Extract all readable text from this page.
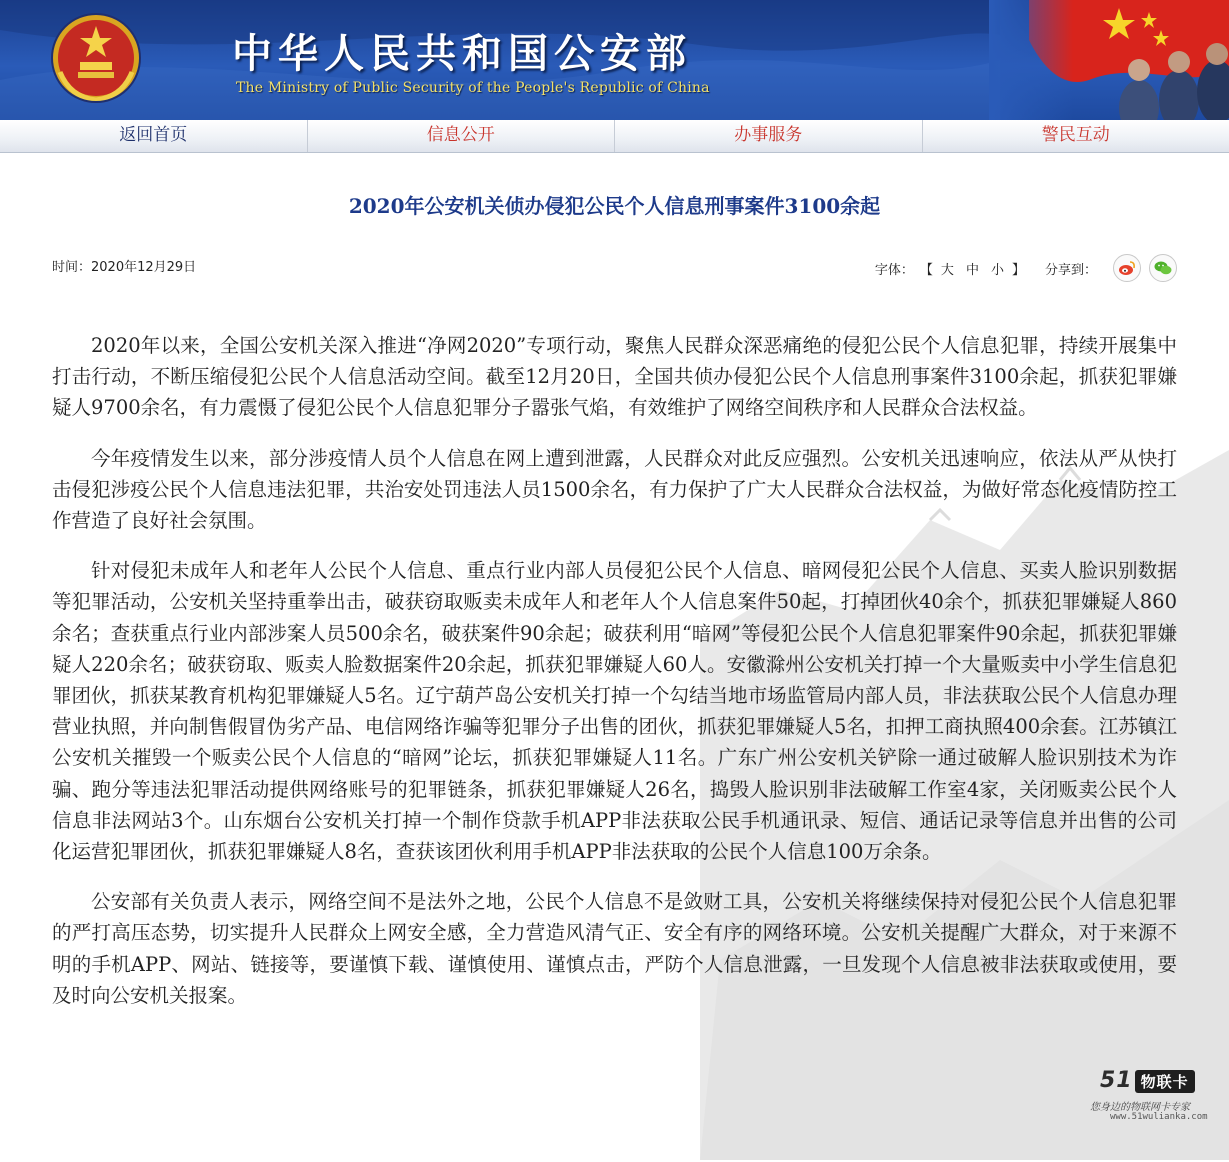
中华人民共和国公安部
The Ministry of Public Security of the People's Republic of China
返回首页	信息公开	办事服务	警民互动
2020年公安机关侦办侵犯公民个人信息刑事案件3100余起
时间：2020年12月29日	字体： 【 大 中 小 】 分享到：

2020年以来，全国公安机关深入推进“净网2020”专项行动，聚焦人民群众深恶痛绝的侵犯公民个人信息犯罪，持续开展集中打击行动，不断压缩侵犯公民个人信息活动空间。截至12月20日，全国共侦办侵犯公民个人信息刑事案件3100余起，抓获犯罪嫌疑人9700余名，有力震慑了侵犯公民个人信息犯罪分子嚣张气焰，有效维护了网络空间秩序和人民群众合法权益。

今年疫情发生以来，部分涉疫情人员个人信息在网上遭到泄露，人民群众对此反应强烈。公安机关迅速响应，依法从严从快打击侵犯涉疫公民个人信息违法犯罪，共治安处罚违法人员1500余名，有力保护了广大人民群众合法权益，为做好常态化疫情防控工作营造了良好社会氛围。

针对侵犯未成年人和老年人公民个人信息、重点行业内部人员侵犯公民个人信息、暗网侵犯公民个人信息、买卖人脸识别数据等犯罪活动，公安机关坚持重拳出击，破获窃取贩卖未成年人和老年人个人信息案件50起，打掉团伙40余个，抓获犯罪嫌疑人860余名；查获重点行业内部涉案人员500余名，破获案件90余起；破获利用“暗网”等侵犯公民个人信息犯罪案件90余起，抓获犯罪嫌疑人220余名；破获窃取、贩卖人脸数据案件20余起，抓获犯罪嫌疑人60人。安徽滁州公安机关打掉一个大量贩卖中小学生信息犯罪团伙，抓获某教育机构犯罪嫌疑人5名。辽宁葫芦岛公安机关打掉一个勾结当地市场监管局内部人员，非法获取公民个人信息办理营业执照，并向制售假冒伪劣产品、电信网络诈骗等犯罪分子出售的团伙，抓获犯罪嫌疑人5名，扣押工商执照400余套。江苏镇江公安机关摧毁一个贩卖公民个人信息的“暗网”论坛，抓获犯罪嫌疑人11名。广东广州公安机关铲除一通过破解人脸识别技术为诈骗、跑分等违法犯罪活动提供网络账号的犯罪链条，抓获犯罪嫌疑人26名，捣毁人脸识别非法破解工作室4家，关闭贩卖公民个人信息非法网站3个。山东烟台公安机关打掉一个制作贷款手机APP非法获取公民手机通讯录、短信、通话记录等信息并出售的公司化运营犯罪团伙，抓获犯罪嫌疑人8名，查获该团伙利用手机APP非法获取的公民个人信息100万余条。

公安部有关负责人表示，网络空间不是法外之地，公民个人信息不是敛财工具，公安机关将继续保持对侵犯公民个人信息犯罪的严打高压态势，切实提升人民群众上网安全感，全力营造风清气正、安全有序的网络环境。公安机关提醒广大群众，对于来源不明的手机APP、网站、链接等，要谨慎下载、谨慎使用、谨慎点击，严防个人信息泄露，一旦发现个人信息被非法获取或使用，要及时向公安机关报案。

51 物联卡
您身边的物联网卡专家
www.51wulianka.com
